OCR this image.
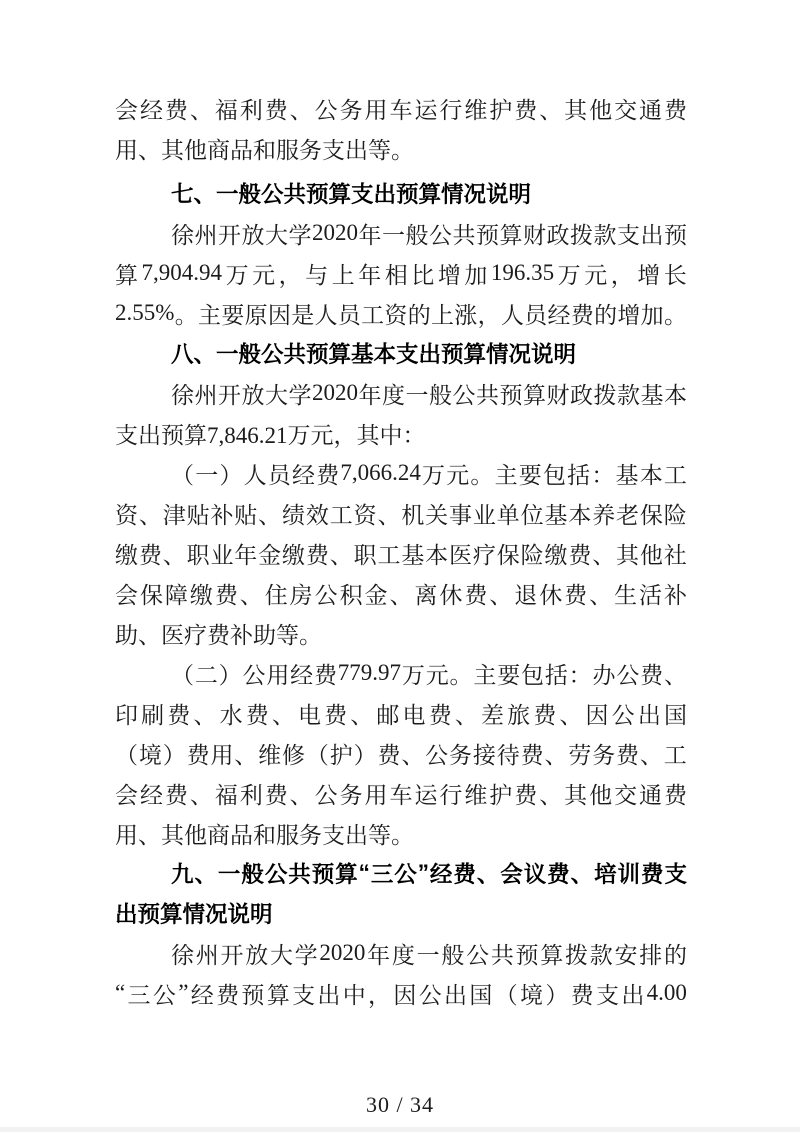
会 经 费 、 福 利 费 、 公 务 用 车 运 行 维 护 费 、 其 他 交 通 费
用、其他商品和服务支出等。
七、一般公共预算支出预算情况说明
徐 州 开 放 大 学 2020 年 一 般 公 共 预 算 财 政 拨 款 支 出 预
算 7,904.94 万 元 ， 与 上 年 相 比 增 加 196.35 万 元 ， 增 长
2.55% 。 主 要 原 因 是 人 员 工 资 的 上 涨 ， 人 员 经 费 的 增 加 。
八、一般公共预算基本支出预算情况说明
徐 州 开 放 大 学 2020 年 度 一 般 公 共 预 算 财 政 拨 款 基 本
支出预算7,846.21万元，其中：
（ 一 ） 人 员 经 费 7,066.24 万 元 。 主 要 包 括 ： 基 本 工
资 、 津 贴 补 贴 、 绩 效 工 资 、 机 关 事 业 单 位 基 本 养 老 保 险
缴 费 、 职 业 年 金 缴 费 、 职 工 基 本 医 疗 保 险 缴 费 、 其 他 社
会 保 障 缴 费 、 住 房 公 积 金 、 离 休 费 、 退 休 费 、 生 活 补
助、医疗费补助等。
（ 二 ） 公 用 经 费 779.97 万 元 。 主 要 包 括 ： 办 公 费 、
印 刷 费 、 水 费 、 电 费 、 邮 电 费 、 差 旅 费 、 因 公 出 国
（ 境 ） 费 用 、 维 修 （ 护 ） 费 、 公 务 接 待 费 、 劳 务 费 、 工
会 经 费 、 福 利 费 、 公 务 用 车 运 行 维 护 费 、 其 他 交 通 费
用、其他商品和服务支出等。
九 、 一 般 公 共 预 算 “ 三 公 ” 经 费 、 会 议 费 、 培 训 费 支
出预算情况说明
徐 州 开 放 大 学 2020 年 度 一 般 公 共 预 算 拨 款 安 排 的
“ 三 公 ” 经 费 预 算 支 出 中 ， 因 公 出 国 （ 境 ） 费 支 出 4.00
30 / 34
